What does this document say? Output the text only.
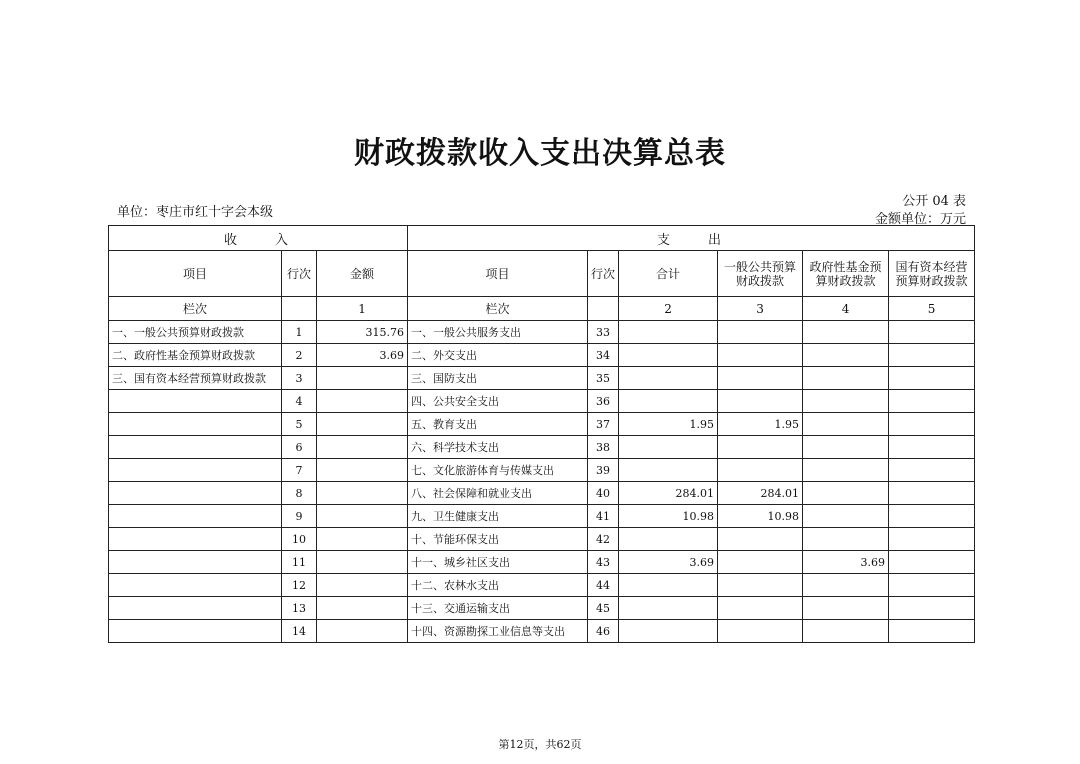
财政拨款收入支出决算总表
单位：枣庄市红十字会本级
公开 04 表
金额单位：万元
收　　入			支　　出					
项目	行次	金额	项目	行次	合计	一般公共预算财政拨款	政府性基金预算财政拨款	国有资本经营预算财政拨款
栏次		1	栏次		2	3	4	5
一、一般公共预算财政拨款	1	315.76	一、一般公共服务支出	33				
二、政府性基金预算财政拨款	2	3.69	二、外交支出	34				
三、国有资本经营预算财政拨款	3		三、国防支出	35				
	4		四、公共安全支出	36				
	5		五、教育支出	37	1.95	1.95		
	6		六、科学技术支出	38				
	7		七、文化旅游体育与传媒支出	39				
	8		八、社会保障和就业支出	40	284.01	284.01		
	9		九、卫生健康支出	41	10.98	10.98		
	10		十、节能环保支出	42				
	11		十一、城乡社区支出	43	3.69		3.69	
	12		十二、农林水支出	44				
	13		十三、交通运输支出	45				
	14		十四、资源勘探工业信息等支出	46				
第12页，共62页
